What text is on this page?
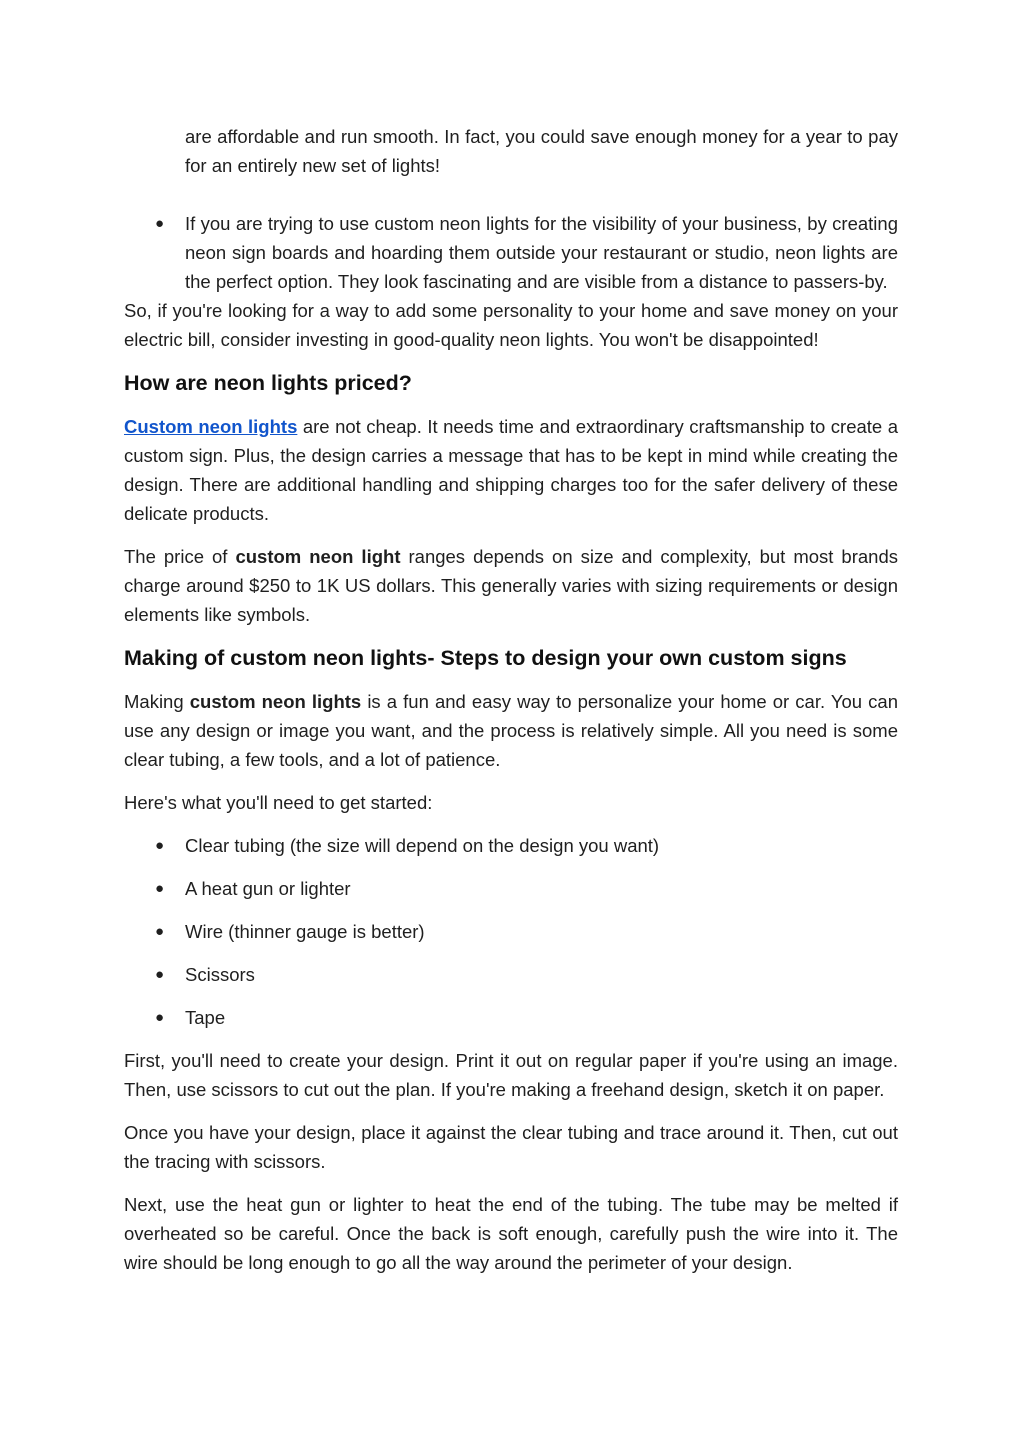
are affordable and run smooth. In fact, you could save enough money for a year to pay for an entirely new set of lights!
● If you are trying to use custom neon lights for the visibility of your business, by creating neon sign boards and hoarding them outside your restaurant or studio, neon lights are the perfect option. They look fascinating and are visible from a distance to passers-by.

So, if you're looking for a way to add some personality to your home and save money on your electric bill, consider investing in good-quality neon lights. You won't be disappointed!

How are neon lights priced?

Custom neon lights are not cheap. It needs time and extraordinary craftsmanship to create a custom sign. Plus, the design carries a message that has to be kept in mind while creating the design. There are additional handling and shipping charges too for the safer delivery of these delicate products.

The price of custom neon light ranges depends on size and complexity, but most brands charge around $250 to 1K US dollars. This generally varies with sizing requirements or design elements like symbols.

Making of custom neon lights- Steps to design your own custom signs

Making custom neon lights is a fun and easy way to personalize your home or car. You can use any design or image you want, and the process is relatively simple. All you need is some clear tubing, a few tools, and a lot of patience.

Here's what you'll need to get started:

● Clear tubing (the size will depend on the design you want)
● A heat gun or lighter
● Wire (thinner gauge is better)
● Scissors
● Tape

First, you'll need to create your design. Print it out on regular paper if you're using an image. Then, use scissors to cut out the plan. If you're making a freehand design, sketch it on paper.

Once you have your design, place it against the clear tubing and trace around it. Then, cut out the tracing with scissors.

Next, use the heat gun or lighter to heat the end of the tubing. The tube may be melted if overheated so be careful. Once the back is soft enough, carefully push the wire into it. The wire should be long enough to go all the way around the perimeter of your design.
